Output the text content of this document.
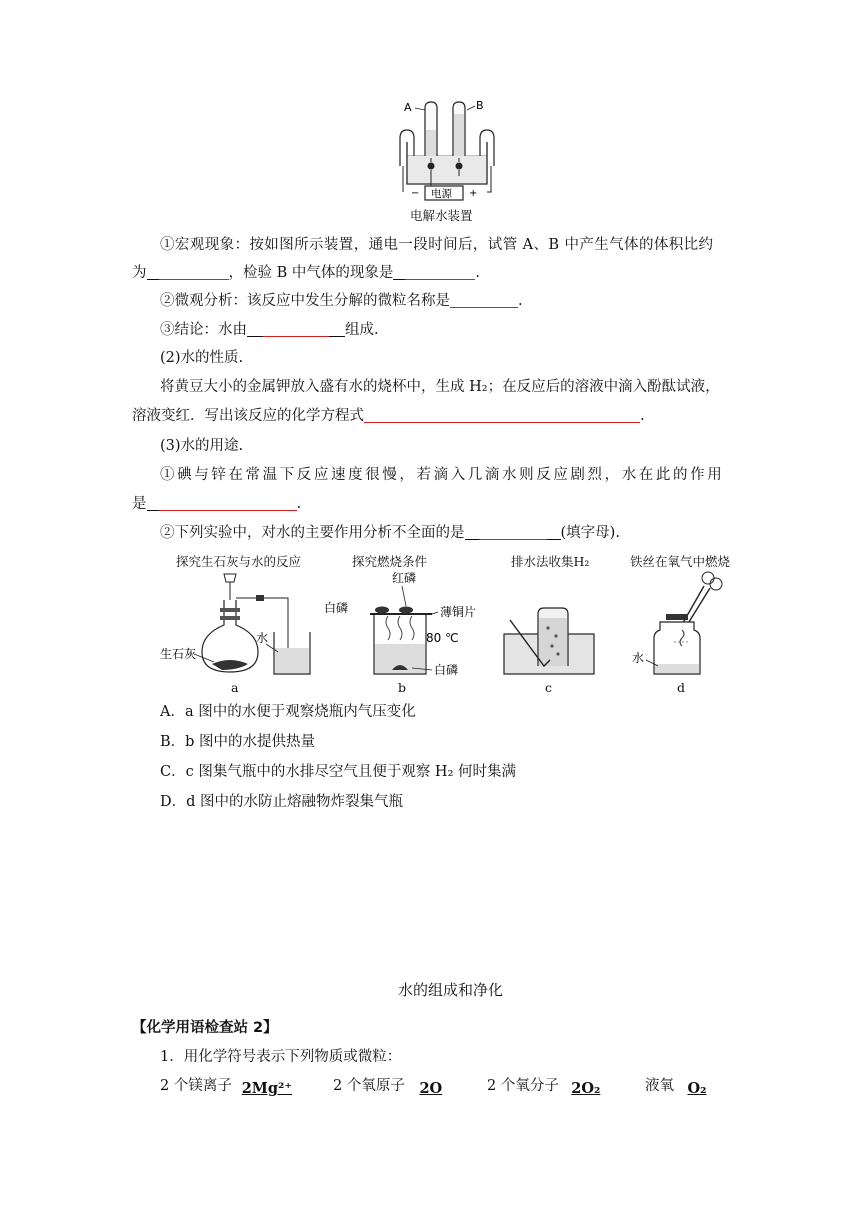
A	B
电源
−	+
电解水装置
①宏观现象：按如图所示装置，通电一段时间后，试管 A、B 中产生气体的体积比约
为	，检验 B 中气体的现象是	.
②微观分析：该反应中发生分解的微粒名称是	.
③结论：水由	组成.
(2)水的性质.
将黄豆大小的金属钾放入盛有水的烧杯中，生成 H₂；在反应后的溶液中滴入酚酞试液，
溶液变红．写出该反应的化学方程式	.
(3)水的用途.
①碘与锌在常温下反应速度很慢，若滴入几滴水则反应剧烈，水在此的作用
是	.
②下列实验中，对水的主要作用分析不全面的是	(填字母).
探究生石灰与水的反应	探究燃烧条件	排水法收集H₂	铁丝在氧气中燃烧
生石灰
水
a
红磷
白磷	薄铜片
80 ℃
白磷
b	c
水
d
A．a 图中的水便于观察烧瓶内气压变化
B．b 图中的水提供热量
C．c 图集气瓶中的水排尽空气且便于观察 H₂ 何时集满
D．d 图中的水防止熔融物炸裂集气瓶
水的组成和净化
【化学用语检查站 2】
1．用化学符号表示下列物质或微粒：
2 个镁离子 2Mg²⁺	2 个氧原子 2O	2 个氧分子 2O₂	液氧 O₂
